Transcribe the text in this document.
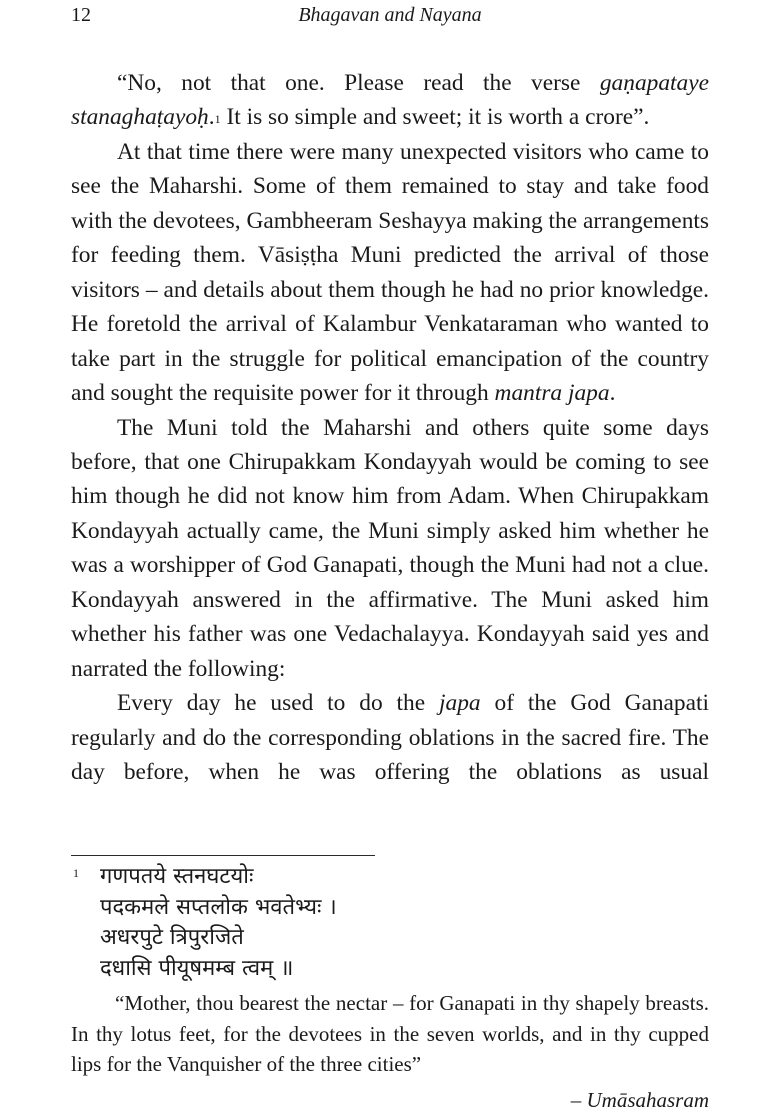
12	Bhagavan and Nayana

“No, not that one. Please read the verse gaṇapataye stanaghaṭayoḥ.$^1$ It is so simple and sweet; it is worth a crore”.

At that time there were many unexpected visitors who came to see the Maharshi. Some of them remained to stay and take food with the devotees, Gambheeram Seshayya making the arrangements for feeding them. Vāsiṣṭha Muni predicted the arrival of those visitors – and details about them though he had no prior knowledge. He foretold the arrival of Kalambur Venkataraman who wanted to take part in the struggle for political emancipation of the country and sought the requisite power for it through mantra japa.

The Muni told the Maharshi and others quite some days before, that one Chirupakkam Kondayyah would be coming to see him though he did not know him from Adam. When Chirupakkam Kondayyah actually came, the Muni simply asked him whether he was a worshipper of God Ganapati, though the Muni had not a clue. Kondayyah answered in the affirmative. The Muni asked him whether his father was one Vedachalayya. Kondayyah said yes and narrated the following:

Every day he used to do the japa of the God Ganapati regularly and do the corresponding oblations in the sacred fire. The day before, when he was offering the oblations as usual

1 गणपतये स्तनघटयोः
पदकमले सप्तलोक भवतेभ्यः ।
अधरपुटे त्रिपुरजिते
दधासि पीयूषमम्ब त्वम् ॥
“Mother, thou bearest the nectar – for Ganapati in thy shapely breasts. In thy lotus feet, for the devotees in the seven worlds, and in thy cupped lips for the Vanquisher of the three cities”
– Umāsahasram
